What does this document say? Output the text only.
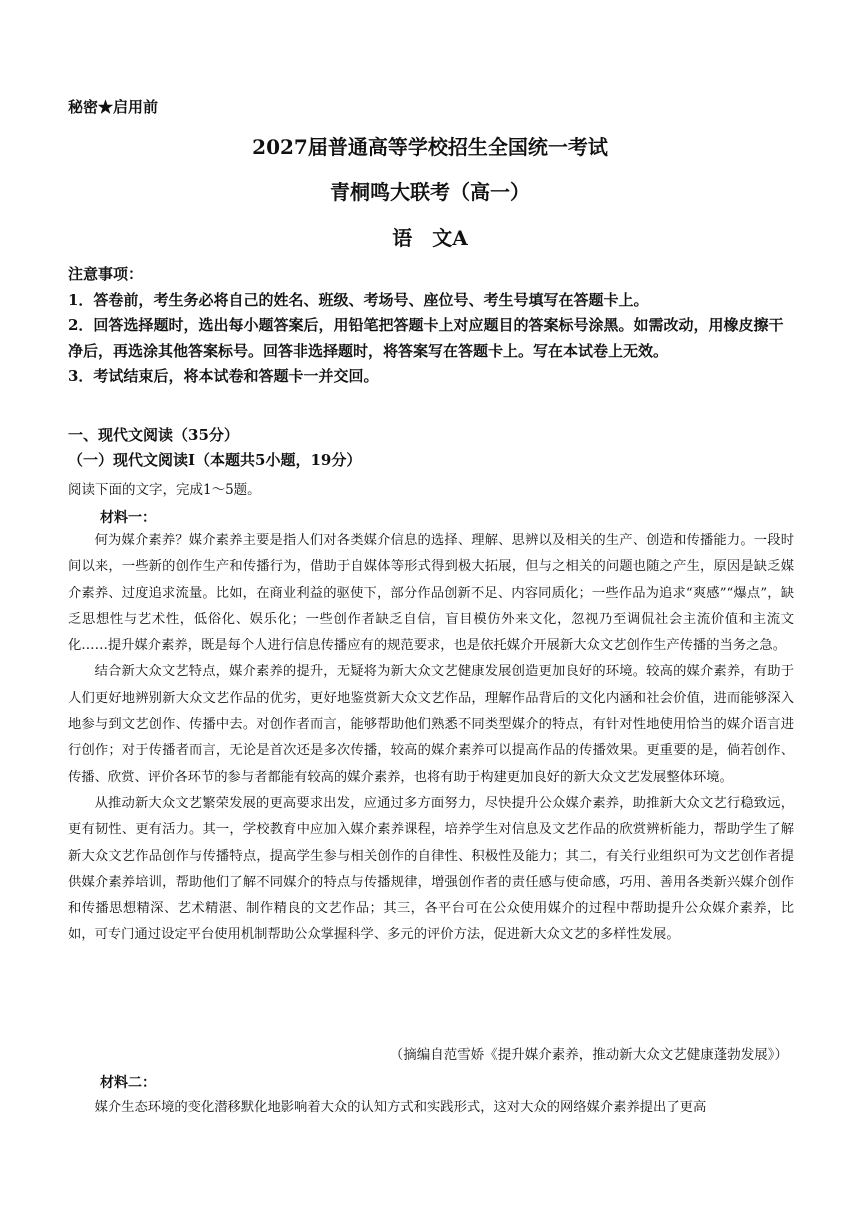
秘密★启用前
2027届普通高等学校招生全国统一考试
青桐鸣大联考（高一）
语　文A

注意事项：

1．答卷前，考生务必将自己的姓名、班级、考场号、座位号、考生号填写在答题卡上。

2．回答选择题时，选出每小题答案后，用铅笔把答题卡上对应题目的答案标号涂黑。如需改动，用橡皮擦干净后，再选涂其他答案标号。回答非选择题时，将答案写在答题卡上。写在本试卷上无效。

3．考试结束后，将本试卷和答题卡一并交回。

一、现代文阅读（35分）

（一）现代文阅读Ⅰ（本题共5小题，19分）

阅读下面的文字，完成1～5题。
材料一：

何为媒介素养？媒介素养主要是指人们对各类媒介信息的选择、理解、思辨以及相关的生产、创造和传播能力。一段时间以来，一些新的创作生产和传播行为，借助于自媒体等形式得到极大拓展，但与之相关的问题也随之产生，原因是缺乏媒介素养、过度追求流量。比如，在商业利益的驱使下，部分作品创新不足、内容同质化；一些作品为追求“爽感”“爆点”，缺乏思想性与艺术性，低俗化、娱乐化；一些创作者缺乏自信，盲目模仿外来文化，忽视乃至调侃社会主流价值和主流文化……提升媒介素养，既是每个人进行信息传播应有的规范要求，也是依托媒介开展新大众文艺创作生产传播的当务之急。

结合新大众文艺特点，媒介素养的提升，无疑将为新大众文艺健康发展创造更加良好的环境。较高的媒介素养，有助于人们更好地辨别新大众文艺作品的优劣，更好地鉴赏新大众文艺作品，理解作品背后的文化内涵和社会价值，进而能够深入地参与到文艺创作、传播中去。对创作者而言，能够帮助他们熟悉不同类型媒介的特点，有针对性地使用恰当的媒介语言进行创作；对于传播者而言，无论是首次还是多次传播，较高的媒介素养可以提高作品的传播效果。更重要的是，倘若创作、传播、欣赏、评价各环节的参与者都能有较高的媒介素养，也将有助于构建更加良好的新大众文艺发展整体环境。

从推动新大众文艺繁荣发展的更高要求出发，应通过多方面努力，尽快提升公众媒介素养，助推新大众文艺行稳致远，更有韧性、更有活力。其一，学校教育中应加入媒介素养课程，培养学生对信息及文艺作品的欣赏辨析能力，帮助学生了解新大众文艺作品创作与传播特点，提高学生参与相关创作的自律性、积极性及能力；其二，有关行业组织可为文艺创作者提供媒介素养培训，帮助他们了解不同媒介的特点与传播规律，增强创作者的责任感与使命感，巧用、善用各类新兴媒介创作和传播思想精深、艺术精湛、制作精良的文艺作品；其三，各平台可在公众使用媒介的过程中帮助提升公众媒介素养，比如，可专门通过设定平台使用机制帮助公众掌握科学、多元的评价方法，促进新大众文艺的多样性发展。

（摘编自范雪娇《提升媒介素养，推动新大众文艺健康蓬勃发展》）
材料二：

媒介生态环境的变化潜移默化地影响着大众的认知方式和实践形式，这对大众的网络媒介素养提出了更高
